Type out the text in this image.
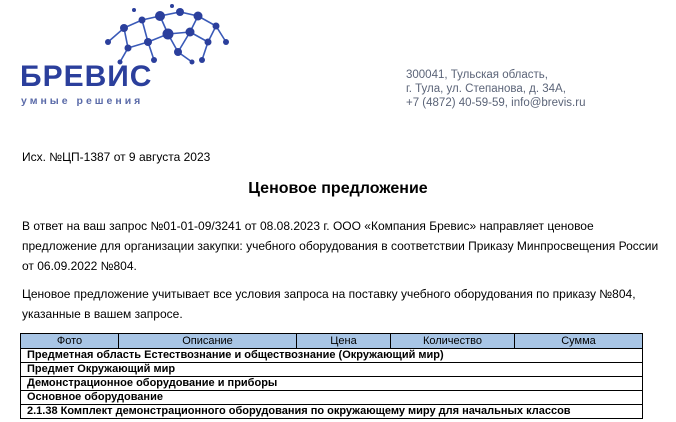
БРЕВИС
умные решения
300041, Тульская область,
г. Тула, ул. Степанова, д. 34А,
+7 (4872) 40-59-59, info@brevis.ru
Исх. №ЦП-1387 от 9 августа 2023
Ценовое предложение
В ответ на ваш запрос №01-01-09/3241 от 08.08.2023 г. ООО «Компания Бревис» направляет ценовое предложение для организации закупки: учебного оборудования в соответствии Приказу Минпросвещения России от 06.09.2022 №804.
Ценовое предложение учитывает все условия запроса на поставку учебного оборудования по приказу №804, указанные в вашем запросе.
Фото	Описание	Цена	Количество	Сумма
Предметная область Естествознание и обществознание (Окружающий мир)
Предмет Окружающий мир
Демонстрационное оборудование и приборы
Основное оборудование
2.1.38 Комплект демонстрационного оборудования по окружающему миру для начальных классов
